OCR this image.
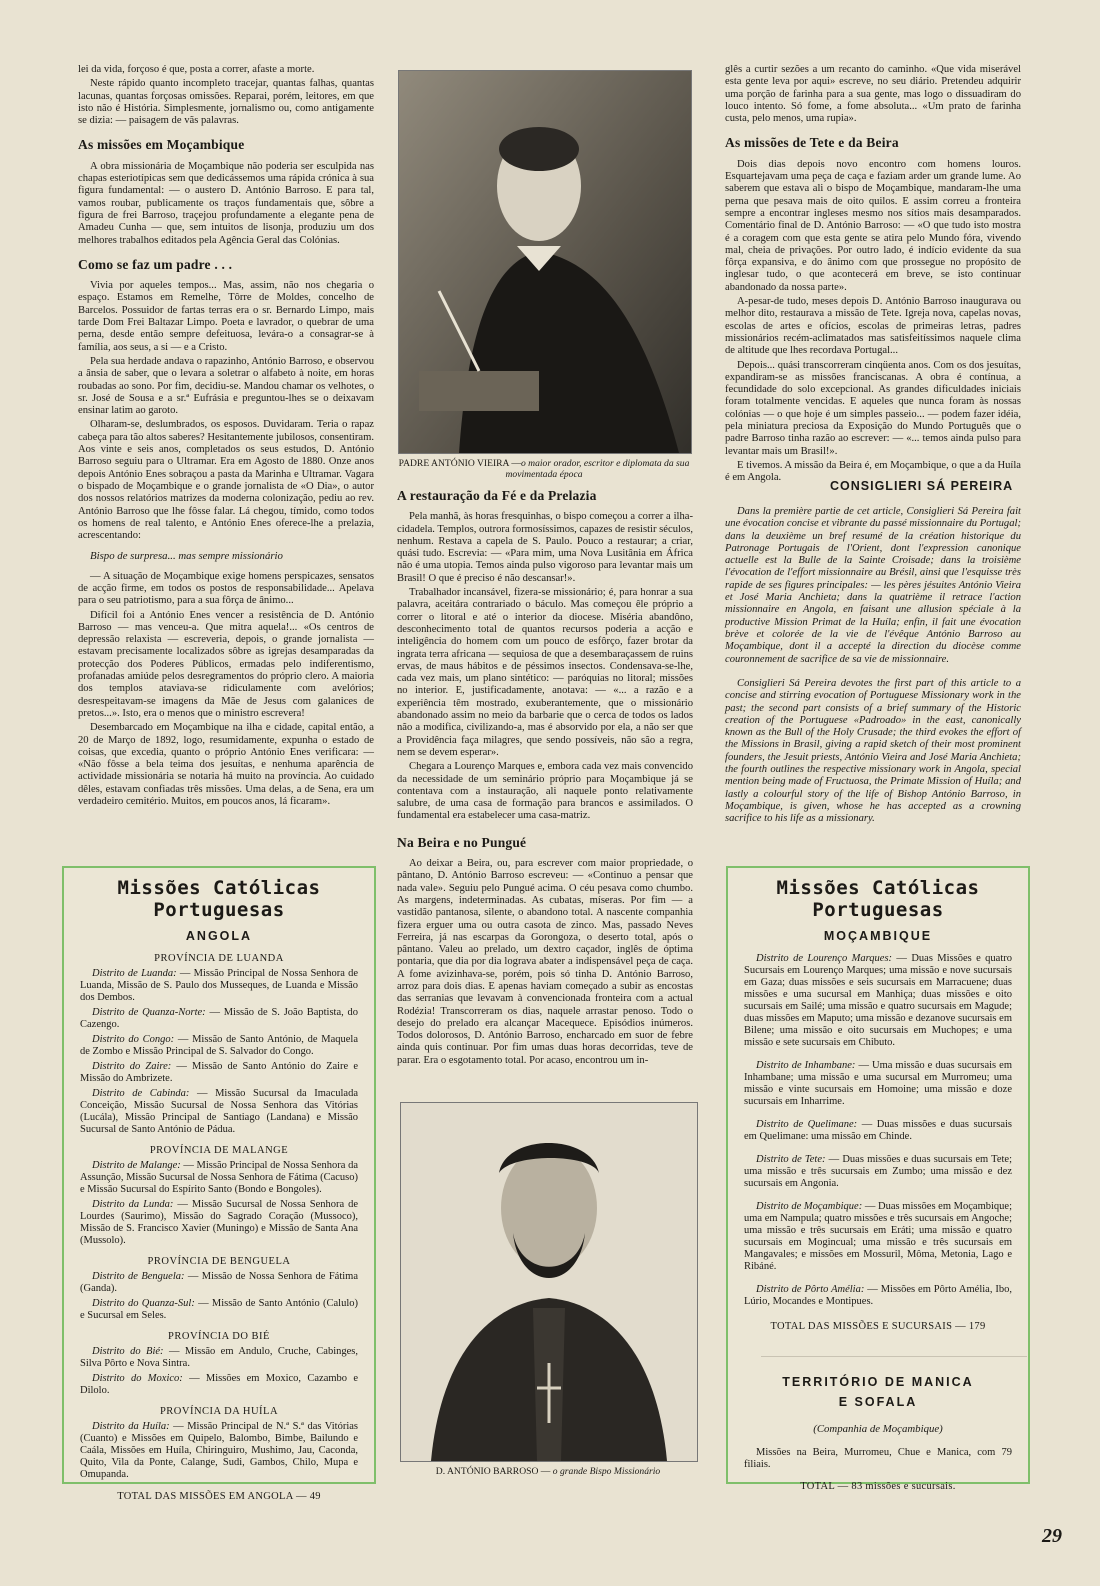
lei da vida, forçoso é que, posta a correr, afaste a morte.

Neste rápido quanto incompleto tracejar, quantas falhas, quantas lacunas, quantas forçosas omissões. Reparai, porém, leitores, em que isto não é História. Simplesmente, jornalismo ou, como antigamente se dizia: — paisagem de vãs palavras.

As missões em Moçambique

A obra missionária de Moçambique não poderia ser esculpida nas chapas esteriotípicas sem que dedicássemos uma rápida crónica à sua figura fundamental: — o austero D. António Barroso. E para tal, vamos roubar, publicamente os traços fundamentais que, sôbre a figura de frei Barroso, traçejou profundamente a elegante pena de Amadeu Cunha — que, sem intuitos de lisonja, produziu um dos melhores trabalhos editados pela Agência Geral das Colónias.

Como se faz um padre . . .

Vivia por aqueles tempos... Mas, assim, não nos chegaria o espaço. Estamos em Remelhe, Tôrre de Moldes, concelho de Barcelos. Possuidor de fartas terras era o sr. Bernardo Limpo, mais tarde Dom Frei Baltazar Limpo. Poeta e lavrador, o quebrar de uma perna, desde então sempre defeituosa, levára-o a consagrar-se à família, aos seus, a si — e a Cristo.

Pela sua herdade andava o rapazinho, António Barroso, e observou a ânsia de saber, que o levara a soletrar o alfabeto à noite, em horas roubadas ao sono. Por fim, decidiu-se. Mandou chamar os velhotes, o sr. José de Sousa e a sr.ª Eufrásia e preguntou-lhes se o deixavam ensinar latim ao garoto.

Olharam-se, deslumbrados, os esposos. Duvidaram. Teria o rapaz cabeça para tão altos saberes? Hesitantemente jubilosos, consentiram. Aos vinte e seis anos, completados os seus estudos, D. António Barroso seguiu para o Ultramar. Era em Agosto de 1880. Onze anos depois António Enes sobraçou a pasta da Marinha e Ultramar. Vagara o bispado de Moçambique e o grande jornalista de «O Dia», o autor dos nossos relatórios matrizes da moderna colonização, pediu ao rev. António Barroso que lhe fôsse falar. Lá chegou, tímido, como todos os homens de real talento, e António Enes oferece-lhe a prelazia, acrescentando:

Bispo de surpresa... mas sempre missionário

— A situação de Moçambique exige homens perspicazes, sensatos de acção firme, em todos os postos de responsabilidade... Apelava para o seu patriotismo, para a sua fôrça de ânimo...

Difícil foi a António Enes vencer a resistência de D. António Barroso — mas venceu-a. Que mitra aquela!... «Os centros de depressão relaxista — escreveria, depois, o grande jornalista — estavam precisamente localizados sôbre as igrejas desamparadas da protecção dos Poderes Públicos, ermadas pelo indiferentismo, profanadas amiúde pelos desregramentos do próprio clero. A maioria dos templos ataviava-se ridìculamente com avelórios; desrespeitavam-se imagens da Mãe de Jesus com galanices de pretos...». Isto, era o menos que o ministro escrevera!

Desembarcado em Moçambique na ilha e cidade, capital então, a 20 de Março de 1892, logo, resumidamente, expunha o estado de coisas, que excedia, quanto o próprio António Enes verificara: — «Não fôsse a bela teima dos jesuítas, e nenhuma aparência de actividade missionária se notaria há muito na província. Ao cuidado dêles, estavam confiadas três missões. Uma delas, a de Sena, era um verdadeiro cemitério. Muitos, em poucos anos, lá ficaram».

PADRE ANTÓNIO VIEIRA —o maior orador, escritor e diplomata da sua movimentada época
A restauração da Fé e da Prelazia

Pela manhã, às horas fresquinhas, o bispo começou a correr a ilha-cidadela. Templos, outrora formosíssimos, capazes de resistir séculos, nenhum. Restava a capela de S. Paulo. Pouco a restaurar; a criar, quási tudo. Escrevia: — «Para mim, uma Nova Lusitânia em África não é uma utopia. Temos ainda pulso vigoroso para levantar mais um Brasil! O que é preciso é não descansar!».

Trabalhador incansável, fizera-se missionário; é, para honrar a sua palavra, aceitára contrariado o báculo. Mas começou êle próprio a correr o litoral e até o interior da diocese. Miséria abandôno, desconhecimento total de quantos recursos poderia a acção e inteligência do homem com um pouco de esfôrço, fazer brotar da ingrata terra africana — sequiosa de que a desembaraçassem de ruins ervas, de maus hábitos e de péssimos insectos. Condensava-se-lhe, cada vez mais, um plano sintético: — paróquias no litoral; missões no interior. E, justificadamente, anotava: — «... a razão e a experiência têm mostrado, exuberantemente, que o missionário abandonado assim no meio da barbarie que o cerca de todos os lados não a modifica, civilizando-a, mas é absorvido por ela, a não ser que a Providência faça milagres, que sendo possíveis, não são a regra, nem se devem esperar».

Chegara a Lourenço Marques e, embora cada vez mais convencido da necessidade de um seminário próprio para Moçambique já se contentava com a instauração, ali naquele ponto relativamente salubre, de uma casa de formação para brancos e assimilados. O fundamental era estabelecer uma casa-matriz.

Na Beira e no Pungué

Ao deixar a Beira, ou, para escrever com maior propriedade, o pântano, D. António Barroso escreveu: — «Continuo a pensar que nada vale». Seguiu pelo Pungué acima. O céu pesava como chumbo. As margens, indeterminadas. As cubatas, míseras. Por fim — a vastidão pantanosa, silente, o abandono total. A nascente companhia fizera erguer uma ou outra casota de zinco. Mas, passado Neves Ferreira, já nas escarpas da Gorongoza, o deserto total, após o pântano. Valeu ao prelado, um dextro caçador, inglês de óptima pontaria, que dia por dia lograva abater a indispensável peça de caça. A fome avizinhava-se, porém, pois só tinha D. António Barroso, arroz para dois dias. E apenas haviam começado a subir as encostas das serranias que levavam à convencionada fronteira com a actual Rodézia! Transcorreram os dias, naquele arrastar penoso. Todo o desejo do prelado era alcançar Macequece. Episódios inúmeros. Todos dolorosos, D. António Barroso, encharcado em suor de febre ainda quis continuar. Por fim umas duas horas decorridas, teve de parar. Era o esgotamento total. Por acaso, encontrou um in-

D. ANTÓNIO BARROSO — o grande Bispo Missionário

glês a curtir sezões a um recanto do caminho. «Que vida miserável esta gente leva por aqui» escreve, no seu diário. Pretendeu adquirir uma porção de farinha para a sua gente, mas logo o dissuadiram do louco intento. Só fome, a fome absoluta... «Um prato de farinha custa, pelo menos, uma rupia».

As missões de Tete e da Beira

Dois dias depois novo encontro com homens louros. Esquartejavam uma peça de caça e faziam arder um grande lume. Ao saberem que estava ali o bispo de Moçambique, mandaram-lhe uma perna que pesava mais de oito quilos. E assim correu a fronteira sempre a encontrar ingleses mesmo nos sítios mais desamparados. Comentário final de D. António Barroso: — «O que tudo isto mostra é a coragem com que esta gente se atira pelo Mundo fóra, vivendo mal, cheia de privações. Por outro lado, é indício evidente da sua fôrça expansiva, e do ânimo com que prossegue no propósito de inglesar tudo, o que acontecerá em breve, se isto continuar abandonado da nossa parte».

A-pesar-de tudo, meses depois D. António Barroso inaugurava ou melhor dito, restaurava a missão de Tete. Igreja nova, capelas novas, escolas de artes e ofícios, escolas de primeiras letras, padres missionários recém-aclimatados mas satisfeitíssimos naquele clima de altitude que lhes recordava Portugal...

Depois... quási transcorreram cinqüenta anos. Com os dos jesuítas, expandiram-se as missões franciscanas. A obra é contínua, a fecundidade do solo excepcional. As grandes dificuldades iniciais foram totalmente vencidas. E aqueles que nunca foram às nossas colónias — o que hoje é um simples passeio... — podem fazer idéia, pela miniatura preciosa da Exposição do Mundo Português que o padre Barroso tinha razão ao escrever: — «... temos ainda pulso para levantar mais um Brasil!».

E tivemos. A missão da Beira é, em Moçambique, o que a da Huíla é em Angola.

CONSIGLIERI SÁ PEREIRA

Dans la première partie de cet article, Consiglieri Sá Pereira fait une évocation concise et vibrante du passé missionnaire du Portugal; dans la deuxième un bref resumé de la création historique du Patronage Portugais de l'Orient, dont l'expression canonique actuelle est la Bulle de la Sainte Croisade; dans la troisième l'évocation de l'effort missionnaire au Brésil, ainsi que l'esquisse très rapide de ses figures principales: — les pères jésuites António Vieira et José Maria Anchieta; dans la quatrième il retrace l'action missionnaire en Angola, en faisant une allusion spéciale à la productive Mission Primat de la Huíla; enfin, il fait une évocation brève et colorée de la vie de l'évêque António Barroso au Moçambique, dont il a accepté la direction du diocèse comme couronnement de sacrifice de sa vie de missionnaire.

Consiglieri Sá Pereira devotes the first part of this article to a concise and stirring evocation of Portuguese Missionary work in the past; the second part consists of a brief summary of the Historic creation of the Portuguese «Padroado» in the east, canonically known as the Bull of the Holy Crusade; the third evokes the effort of the Missions in Brasil, giving a rapid sketch of their most prominent founders, the Jesuit priests, António Vieira and José Maria Anchieta; the fourth outlines the respective missionary work in Angola, special mention being made of Fructuosa, the Primate Mission of Huíla; and lastly a colourful story of the life of Bishop António Barroso, in Moçambique, is given, whose he has accepted as a crowning sacrifice to his life as a missionary.

Missões Católicas Portuguesas
ANGOLA
PROVÍNCIA DE LUANDA

Distrito de Luanda: — Missão Principal de Nossa Senhora de Luanda, Missão de S. Paulo dos Musseques, de Luanda e Missão dos Dembos.

Distrito de Quanza-Norte: — Missão de S. João Baptista, do Cazengo.

Distrito do Congo: — Missão de Santo António, de Maquela de Zombo e Missão Principal de S. Salvador do Congo.

Distrito do Zaire: — Missão de Santo António do Zaire e Missão do Ambrizete.

Distrito de Cabinda: — Missão Sucursal da Imaculada Conceição, Missão Sucursal de Nossa Senhora das Vitórias (Lucála), Missão Principal de Santiago (Landana) e Missão Sucursal de Santo António de Pádua.

PROVÍNCIA DE MALANGE

Distrito de Malange: — Missão Principal de Nossa Senhora da Assunção, Missão Sucursal de Nossa Senhora de Fátima (Cacuso) e Missão Sucursal do Espírito Santo (Bondo e Bongoles).

Distrito da Lunda: — Missão Sucursal de Nossa Senhora de Lourdes (Saurimo), Missão do Sagrado Coração (Mussoco), Missão de S. Francisco Xavier (Muningo) e Missão de Santa Ana (Mussolo).

PROVÍNCIA DE BENGUELA

Distrito de Benguela: — Missão de Nossa Senhora de Fátima (Ganda).

Distrito do Quanza-Sul: — Missão de Santo António (Calulo) e Sucursal em Seles.

PROVÍNCIA DO BIÉ

Distrito do Bié: — Missão em Andulo, Cruche, Cabinges, Silva Pôrto e Nova Sintra.

Distrito do Moxico: — Missões em Moxico, Cazambo e Dilolo.

PROVÍNCIA DA HUÍLA

Distrito da Huíla: — Missão Principal de N.ª S.ª das Vitórias (Cuanto) e Missões em Quipelo, Balombo, Bimbe, Bailundo e Caála, Missões em Huíla, Chiringuiro, Mushimo, Jau, Caconda, Quito, Vila da Ponte, Calange, Sudi, Gambos, Chilo, Mupa e Omupanda.

TOTAL DAS MISSÕES EM ANGOLA — 49
Missões Católicas Portuguesas
MOÇAMBIQUE

Distrito de Lourenço Marques: — Duas Missões e quatro Sucursais em Lourenço Marques; uma missão e nove sucursais em Gaza; duas missões e seis sucursais em Marracuene; duas missões e uma sucursal em Manhiça; duas missões e oito sucursais em Sailé; uma missão e quatro sucursais em Magude; duas missões em Maputo; uma missão e dezanove sucursais em Bilene; uma missão e oito sucursais em Muchopes; e uma missão e sete sucursais em Chibuto.

Distrito de Inhambane: — Uma missão e duas sucursais em Inhambane; uma missão e uma sucursal em Murromeu; uma missão e vinte sucursais em Homoine; uma missão e doze sucursais em Inharrime.

Distrito de Quelimane: — Duas missões e duas sucursais em Quelimane: uma missão em Chinde.

Distrito de Tete: — Duas missões e duas sucursais em Tete; uma missão e três sucursais em Zumbo; uma missão e dez sucursais em Angonia.

Distrito de Moçambique: — Duas missões em Moçambique; uma em Nampula; quatro missões e três sucursais em Angoche; uma missão e três sucursais em Eráti; uma missão e quatro sucursais em Mogincual; uma missão e três sucursais em Mangavales; e missões em Mossuril, Môma, Metonia, Lago e Ribáné.

Distrito de Pôrto Amélia: — Missões em Pôrto Amélia, Ibo, Lúrio, Mocandes e Montipues.

TOTAL DAS MISSÕES E SUCURSAIS — 179
TERRITÓRIO DE MANICA
E SOFALA
(Companhia de Moçambique)

Missões na Beira, Murromeu, Chue e Manica, com 79 filiais.

TOTAL — 83 missões e sucursais.
29
